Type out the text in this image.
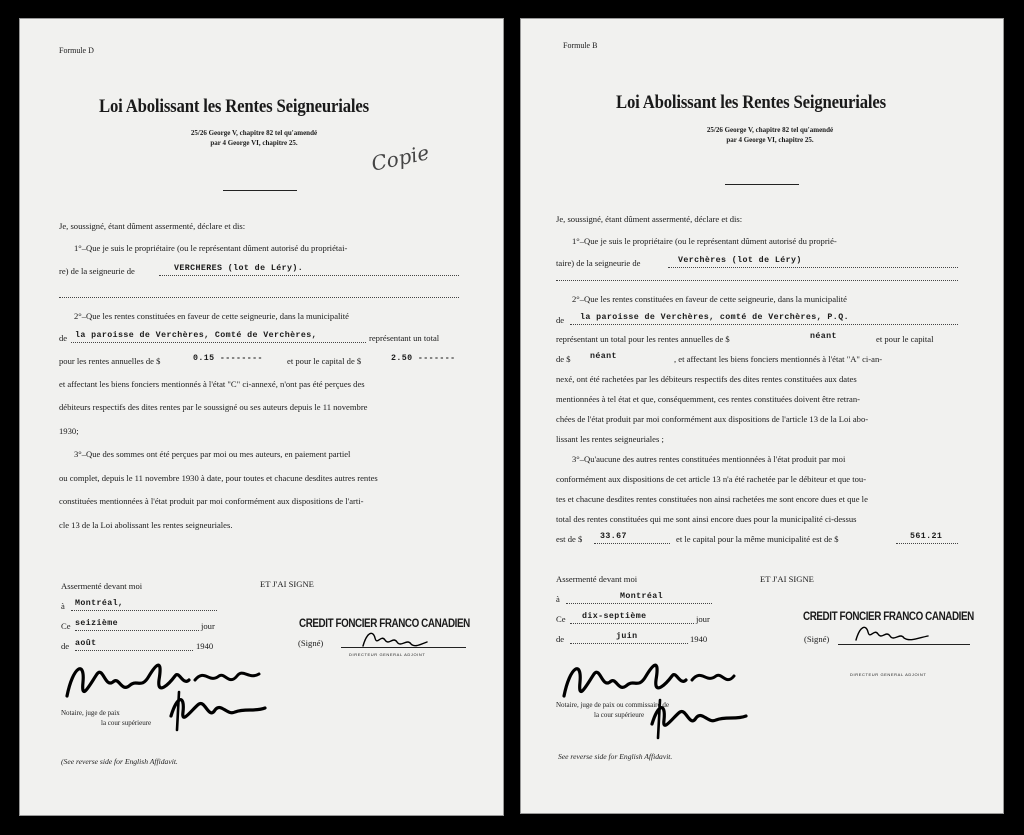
Formule D
Loi Abolissant les Rentes Seigneuriales
25/26 George V, chapitre 82 tel qu'amendé par 4 George VI, chapitre 25.	Copie
Je, soussigné, étant dûment assermenté, déclare et dis:
1°–Que je suis le propriétaire (ou le représentant dûment autorisé du propriétai-
re) de la seigneurie de	VERCHERES (lot de Léry).
2°–Que les rentes constituées en faveur de cette seigneurie, dans la municipalité
de la paroisse de Verchères, Comté de Verchères,	représentant un total
pour les rentes annuelles de $	0.15 --------	et pour le capital de $	2.50 -------
et affectant les biens fonciers mentionnés à l'état "C" ci-annexé, n'ont pas été perçues des
débiteurs respectifs des dites rentes par le soussigné ou ses auteurs depuis le 11 novembre
1930;
3°–Que des sommes ont été perçues par moi ou mes auteurs, en paiement partiel
ou complet, depuis le 11 novembre 1930 à date, pour toutes et chacune desdites autres rentes
constituées mentionnées à l'état produit par moi conformément aux dispositions de l'arti-
cle 13 de la Loi abolissant les rentes seigneuriales.
Assermenté devant moi	ET J'AI SIGNE
à Montréal,
Ce seizième	jour
de août	1940
CREDIT FONCIER FRANCO CANADIEN
(Signé)
DIRECTEUR GENERAL ADJOINT
Notaire, juge de paix
la cour supérieure
(See reverse side for English Affidavit.
Formule B
Loi Abolissant les Rentes Seigneuriales
25/26 George V, chapitre 82 tel qu'amendé par 4 George VI, chapitre 25.
Je, soussigné, étant dûment assermenté, déclare et dis:
1°–Que je suis le propriétaire (ou le représentant dûment autorisé du proprié-
taire) de la seigneurie de	Verchères (lot de Léry)
2°–Que les rentes constituées en faveur de cette seigneurie, dans la municipalité
de la paroisse de Verchères, comté de Verchères, P.Q.
représentant un total pour les rentes annuelles de $	néant	et pour le capital
de $ néant	, et affectant les biens fonciers mentionnés à l'état "A" ci-an-
nexé, ont été rachetées par les débiteurs respectifs des dites rentes constituées aux dates
mentionnées à tel état et que, conséquemment, ces rentes constituées doivent être retran-
chées de l'état produit par moi conformément aux dispositions de l'article 13 de la Loi abo-
lissant les rentes seigneuriales ;
3°–Qu'aucune des autres rentes constituées mentionnées à l'état produit par moi
conformément aux dispositions de cet article 13 n'a été rachetée par le débiteur et que tou-
tes et chacune desdites rentes constituées non ainsi rachetées me sont encore dues et que le
total des rentes constituées qui me sont ainsi encore dues pour la municipalité ci-dessus
est de $ 33.67	et le capital pour la même municipalité est de $	561.21
Assermenté devant moi	ET J'AI SIGNE
à	Montréal
Ce dix-septième	jour
de	juin	1940
CREDIT FONCIER FRANCO CANADIEN
(Signé)
DIRECTEUR GENERAL ADJOINT
Notaire, juge de paix ou commissaire de
la cour supérieure
See reverse side for English Affidavit.
